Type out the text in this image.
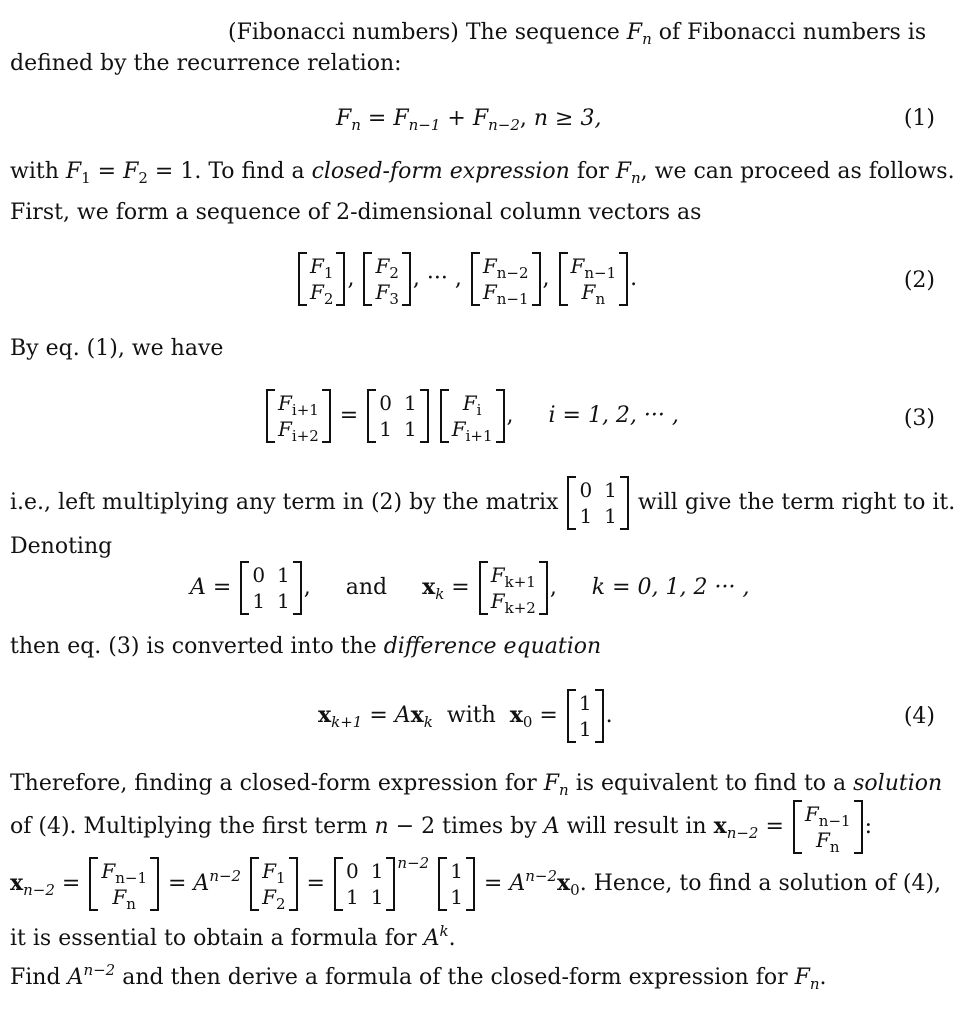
(Fibonacci numbers) The sequence $F_n$ of Fibonacci numbers is
defined by the recurrence relation:
$F_n = F_{n-1} + F_{n-2}$, n ≥ 3,	(1)
with $F_1 = F_2 = 1$. To find a closed-form expression for $F_n$, we can proceed as follows.
First, we form a sequence of 2-dimensional column vectors as
$F_1$
$F_2$
, $F_2$
$F_3$
, ··· , $F_{n-2}$
$F_{n-1}$
, $F_{n-1}$
$F_n$
.	(2)
By eq. (1), we have
$F_{i+1}$
$F_{i+2}$
= 0 1
1 1

$F_i$
$F_{i+1}$
,     i = 1, 2, ··· ,	(3)
i.e., left multiplying any term in (2) by the matrix 0 1
1 1
will give the term right to it.
Denoting
A = 0 1
1 1
,     and $x_k = F_{k+1}$
$F_{k+2}$
,     k = 0, 1, 2 ··· ,
then eq. (3) is converted into the difference equation
$x_{k+1} = Ax_k$ with $x_0 = 1$
1
.	(4)
Therefore, finding a closed-form expression for $F_n$ is equivalent to find to a solution
of (4). Multiplying the first term n − 2 times by A will result in $x_{n-2} = F_{n-1}$
$F_n$
:
$x_{n-2} = F_{n-1}$
$F_n$
= $A^{n-2}$ $F_1$
$F_2$
= 0 1
1 1
$^{n-2}$ 1
1
= $A^{n-2}x_0$. Hence, to find a solution of (4),
it is essential to obtain a formula for $A^k$.
Find $A^{n-2}$ and then derive a formula of the closed-form expression for $F_n$.
